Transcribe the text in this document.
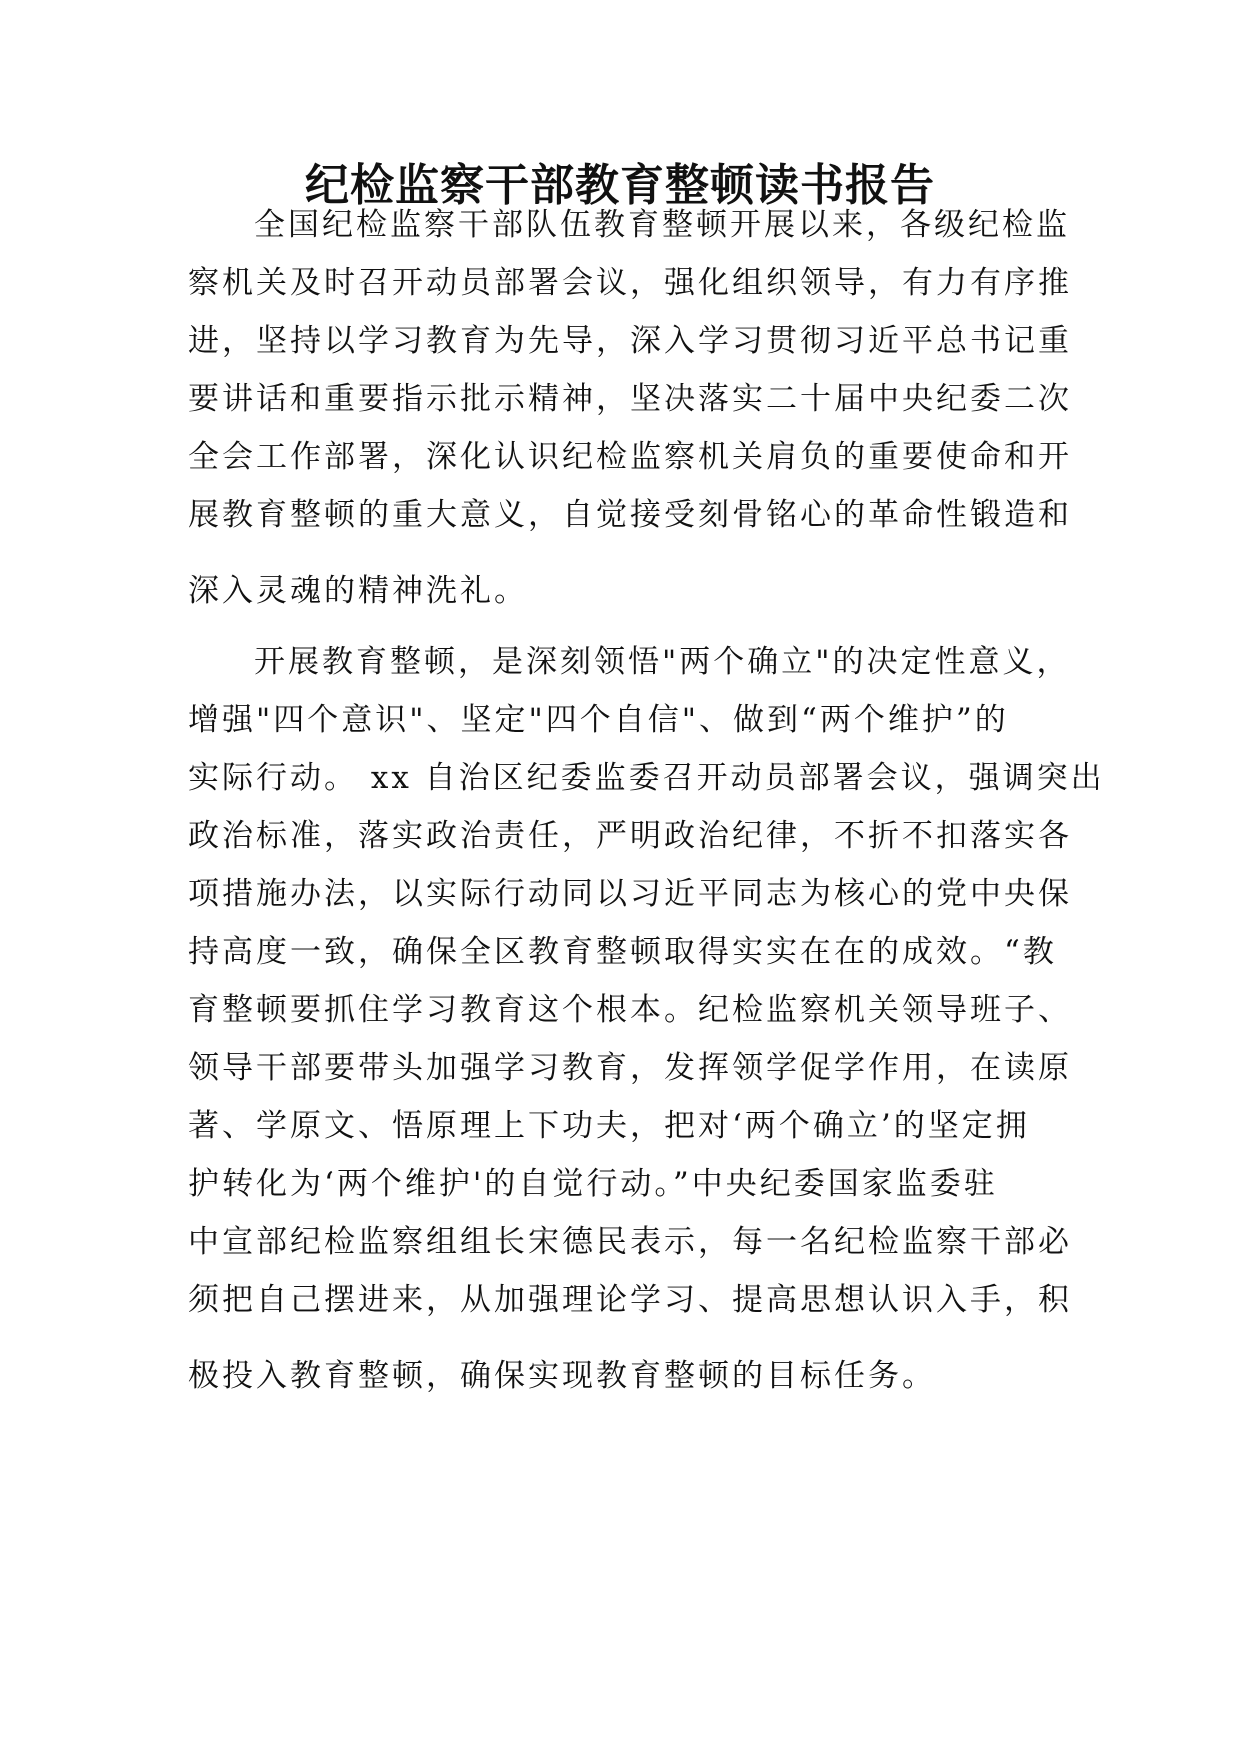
纪检监察干部教育整顿读书报告
全国纪检监察干部队伍教育整顿开展以来，各级纪检监
察机关及时召开动员部署会议，强化组织领导，有力有序推
进，坚持以学习教育为先导，深入学习贯彻习近平总书记重
要讲话和重要指示批示精神，坚决落实二十届中央纪委二次
全会工作部署，深化认识纪检监察机关肩负的重要使命和开
展教育整顿的重大意义，自觉接受刻骨铭心的革命性锻造和
深入灵魂的精神洗礼。
开展教育整顿，是深刻领悟"两个确立"的决定性意义，
增强"四个意识"、坚定"四个自信"、做到“两个维护”的
实际行动。 xx 自治区纪委监委召开动员部署会议，强调突出
政治标准，落实政治责任，严明政治纪律，不折不扣落实各
项措施办法，以实际行动同以习近平同志为核心的党中央保
持高度一致，确保全区教育整顿取得实实在在的成效。“教
育整顿要抓住学习教育这个根本。纪检监察机关领导班子、
领导干部要带头加强学习教育，发挥领学促学作用，在读原
著、学原文、悟原理上下功夫，把对‘两个确立’的坚定拥
护转化为‘两个维护'的自觉行动。”中央纪委国家监委驻
中宣部纪检监察组组长宋德民表示，每一名纪检监察干部必
须把自己摆进来，从加强理论学习、提高思想认识入手，积
极投入教育整顿，确保实现教育整顿的目标任务。
